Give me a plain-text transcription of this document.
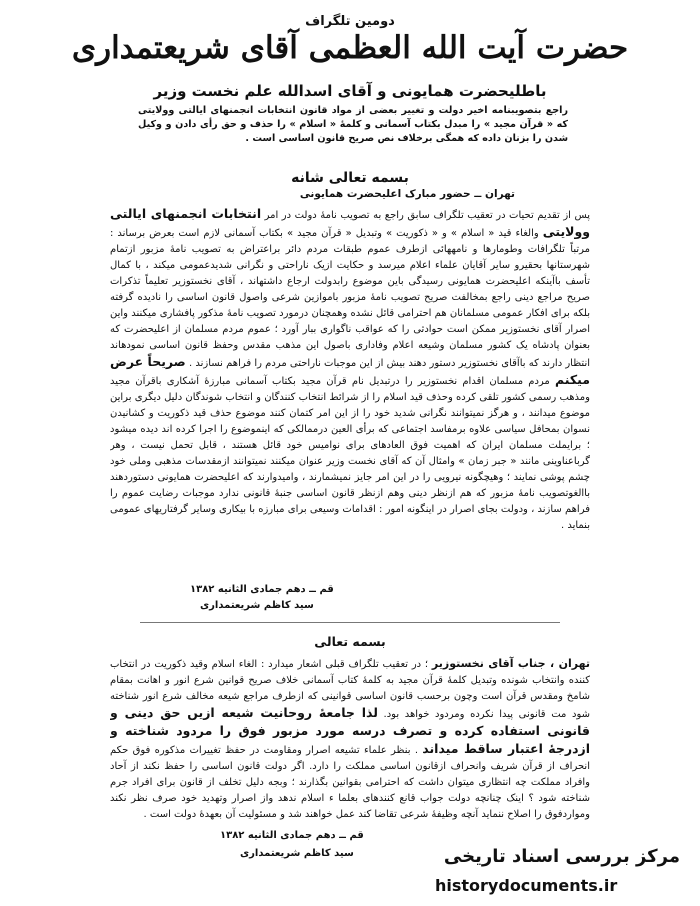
دومین تلگراف
حضرت آیت الله العظمی آقای شریعتمداری
باطلیحضرت همایونی و آقای اسدالله علم نخست وزیر
راجع بتصویبنامه اخیر دولت و تغییر بعضی از مواد قانون انتخابات انجمنهای ایالتی وولایتی که « قرآن مجید » را مبدل بکتاب آسمانی و کلمهٔ « اسلام » را حذف و حق رأی دادن و وکیل شدن را بزنان داده که همگی برخلاف نص صریح قانون اساسی است .
بسمه تعالی شانه
تهران ــ حضور مبارک اعلیحضرت همایونی
پس از تقدیم تحیات در تعقیب تلگراف سابق راجع به تصویب نامهٔ دولت در امر انتخابات انجمنهای ایالتی وولایتی والغاء قید « اسلام » و « ذکوریت » وتبدیل « قرآن مجید » بکتاب آسمانی لازم است بعرض برساند : مرتباً تلگرافات وطومارها و نامههائی ازطرف عموم طبقات مردم دائر براعتراض به تصویب نامهٔ مزبور ازتمام شهرستانها بحقیرو سایر آقایان علماء اعلام میرسد و حکایت ازیک ناراحتی و نگرانی شدیدعمومی میکند ، با کمال تأسف باآینکه اعلیحضرت همایونی رسیدگی باین موضوع رابدولت ارجاع داشتهاند ، آقای نخستوزیر تعلیماً تذکرات صریح مراجع دینی راجع بمخالفت صریح تصویب نامهٔ مزبور باموازین شرعی واصول قانون اساسی را نادیده گرفته بلکه برای افکار عمومی مسلمانان هم احترامی قائل نشده وهمچنان درمورد تصویب نامهٔ مذکور پافشاری میکنند واین اصرار آقای نخستوزیر ممکن است حوادثی را که عواقب ناگواری ببار آورد ؛ عموم مردم مسلمان از اعلیحضرت که بعنوان پادشاه یک کشور مسلمان وشیعه اعلام وفاداری باصول این مذهب مقدس وحفظ قانون اساسی نمودهاند انتظار دارند که باآقای نخستوزیر دستور دهند بیش از این موجبات ناراحتی مردم را فراهم نسازند . صریحاً عرض میکنم مردم مسلمان اقدام نخستوزیر را درتبدیل نام قرآن مجید بکتاب آسمانی مبارزهٔ آشکاری باقرآن مجید ومذهب رسمی کشور تلقی کرده وحذف قید اسلام را از شرائط انتخاب کنندگان و انتخاب شوندگان دلیل دیگری براین موضوع میدانند ، و هرگز نمیتوانند نگرانی شدید خود را از این امر کتمان کنند موضوع حذف قید ذکوریت و کشانیدن نسوان بمحافل سیاسی علاوه برمفاسد اجتماعی که برأی العین درممالکی که اینموضوع را اجرا کرده اند دیده میشود ؛ برایملت مسلمان ایران که اهمیت فوق العادهای برای نوامیس خود قائل هستند ، قابل تحمل نیست ، وهر گرباعناوینی مانند « جبر زمان » وامثال آن که آقای نخست وزیر عنوان میکنند نمیتوانند ازمقدسات مذهبی وملی خود چشم پوشی نمایند ؛ وهیچگونه نیرویی را در این امر جایز نمیشمارند ، وامیدوارند که اعلیحضرت همایونی دستوردهند باالغوتصویب نامهٔ مزبور که هم ازنظر دینی وهم ازنظر قانون اساسی جنبهٔ قانونی ندارد موجبات رضایت عموم را فراهم سازند ، ودولت بجای اصرار در اینگونه امور : اقدامات وسیعی برای مبارزه با بیکاری وسایر گرفتاریهای عمومی بنماید .
قم ــ دهم جمادی الثانیه ۱۳۸۲
سید کاظم شریعتمداری
بسمه تعالی
تهران ، جناب آقای نخستوزیر ؛ در تعقیب تلگراف قبلی اشعار میدارد : الغاء اسلام وقید ذکوریت در انتخاب کننده وانتخاب شونده وتبدیل کلمهٔ قرآن مجید به کلمهٔ کتاب آسمانی خلاف صریح قوانین شرع انور و اهانت بمقام شامخ ومقدس قرآن است وچون برحسب قانون اساسی قوانینی که ازطرف مراجع شیعه مخالف شرع انور شناخته شود مت قانونی پیدا نکرده ومردود خواهد بود. لذا جامعهٔ روحانیت شیعه ازیں حق دینی و قانونی استفاده کرده و تصرف درسه مورد مزبور فوق را مردود شناخته و ازدرجهٔ اعتبار ساقط میداند . بنظر علماء تشیعه اصرار ومقاومت در حفظ تغییرات مذکوره فوق حکم انحراف از قرآن شریف وانحراف ازقانون اساسی مملکت را دارد. اگر دولت قانون اساسی را حفظ نکند از آحاد وافراد مملکت چه انتظاری میتوان داشت که احترامی بقوانین بگذارند ؛ وبجه دلیل تخلف از قانون برای افراد جرم شناخته شود ؟ اینک چنانچه دولت جواب قانع کنندهای بعلما ء اسلام ندهد واز اصرار وتهدید خود صرف نظر نکند ومواردفوق را اصلاح ننماید آنچه وظیفهٔ شرعی تقاضا کند عمل خواهند شد و مسئولیت آن بعهدهٔ دولت است .
قم ــ دهم جمادی الثانیه ۱۳۸۲
سید کاظم شریعتمداری	مرکز بررسی اسناد تاریخی
historydocuments.ir
